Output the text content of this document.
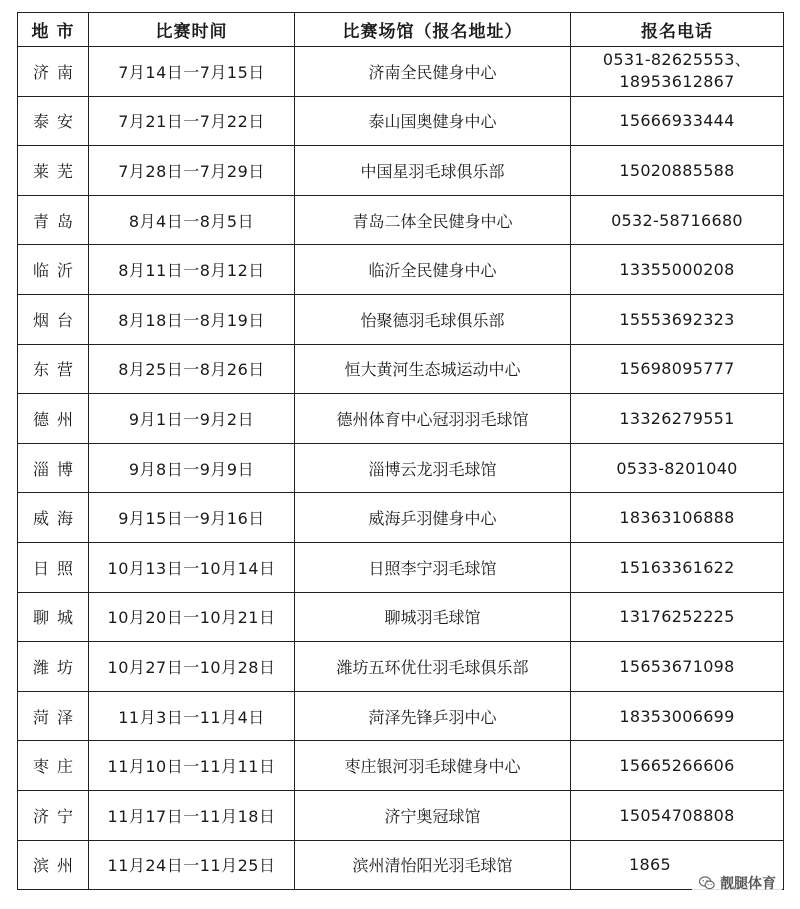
地 市	比赛时间	比赛场馆（报名地址）	报名电话
济南	7月14日一7月15日	济南全民健身中心	0531-82625553、
18953612867

泰安	7月21日一7月22日	泰山国奥健身中心	15666933444
莱芜	7月28日一7月29日	中国星羽毛球俱乐部	15020885588
青岛	8月4日一8月5日	青岛二体全民健身中心	0532-58716680
临沂	8月11日一8月12日	临沂全民健身中心	13355000208
烟台	8月18日一8月19日	怡聚德羽毛球俱乐部	15553692323
东营	8月25日一8月26日	恒大黄河生态城运动中心	15698095777
德州	9月1日一9月2日	德州体育中心冠羽羽毛球馆	13326279551
淄博	9月8日一9月9日	淄博云龙羽毛球馆	0533-8201040
威海	9月15日一9月16日	威海乒羽健身中心	18363106888
日照	10月13日一10月14日	日照李宁羽毛球馆	15163361622
聊城	10月20日一10月21日	聊城羽毛球馆	13176252225
潍坊	10月27日一10月28日	潍坊五环优仕羽毛球俱乐部	15653671098
菏泽	11月3日一11月4日	菏泽先锋乒羽中心	18353006699
枣庄	11月10日一11月11日	枣庄银河羽毛球健身中心	15665266606
济宁	11月17日一11月18日	济宁奥冠球馆	15054708808
滨州	11月24日一11月25日	滨州清怡阳光羽毛球馆	1865
靓腿体育
